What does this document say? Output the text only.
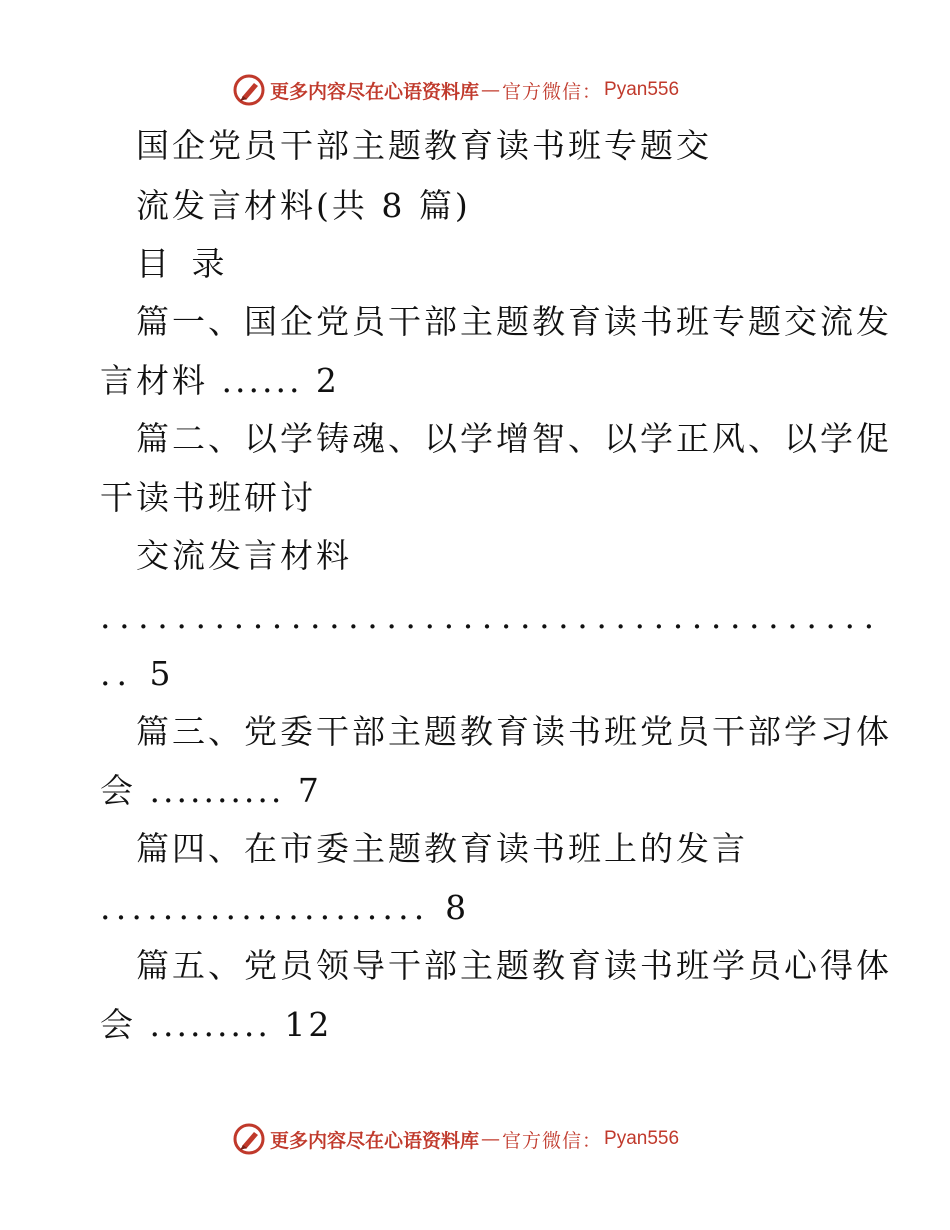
更多内容尽在心语资料库 — 官方微信： Pyan556
国企党员干部主题教育读书班专题交
流发言材料(共 8 篇)
目 录
篇一、国企党员干部主题教育读书班专题交流发
言材料 ...... 2
篇二、以学铸魂、以学增智、以学正风、以学促
干读书班研讨
交流发言材料
.........................................
.. 5
篇三、党委干部主题教育读书班党员干部学习体
会 .......... 7
篇四、在市委主题教育读书班上的发言
..................... 8
篇五、党员领导干部主题教育读书班学员心得体
会 ......... 12
更多内容尽在心语资料库 — 官方微信： Pyan556
